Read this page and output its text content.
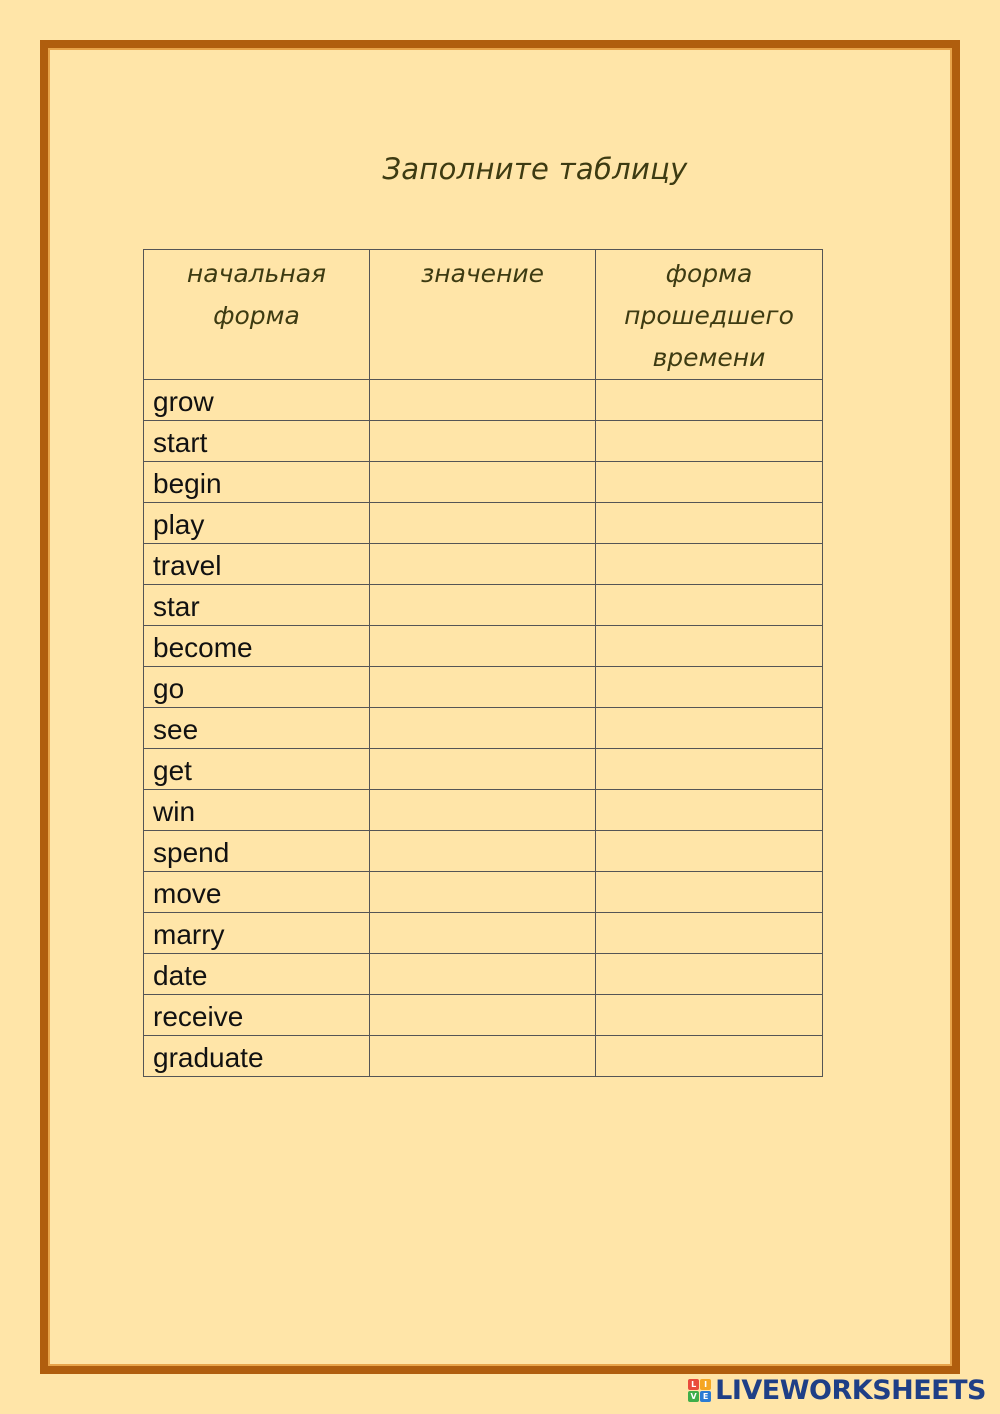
Заполните таблицу
начальная форма	значение	форма прошедшего времени

grow		
start		
begin		
play		
travel		
star		
become		
go		
see		
get		
win		
spend		
move		
marry		
date		
receive		
graduate		
L I
V E LIVEWORKSHEETS
